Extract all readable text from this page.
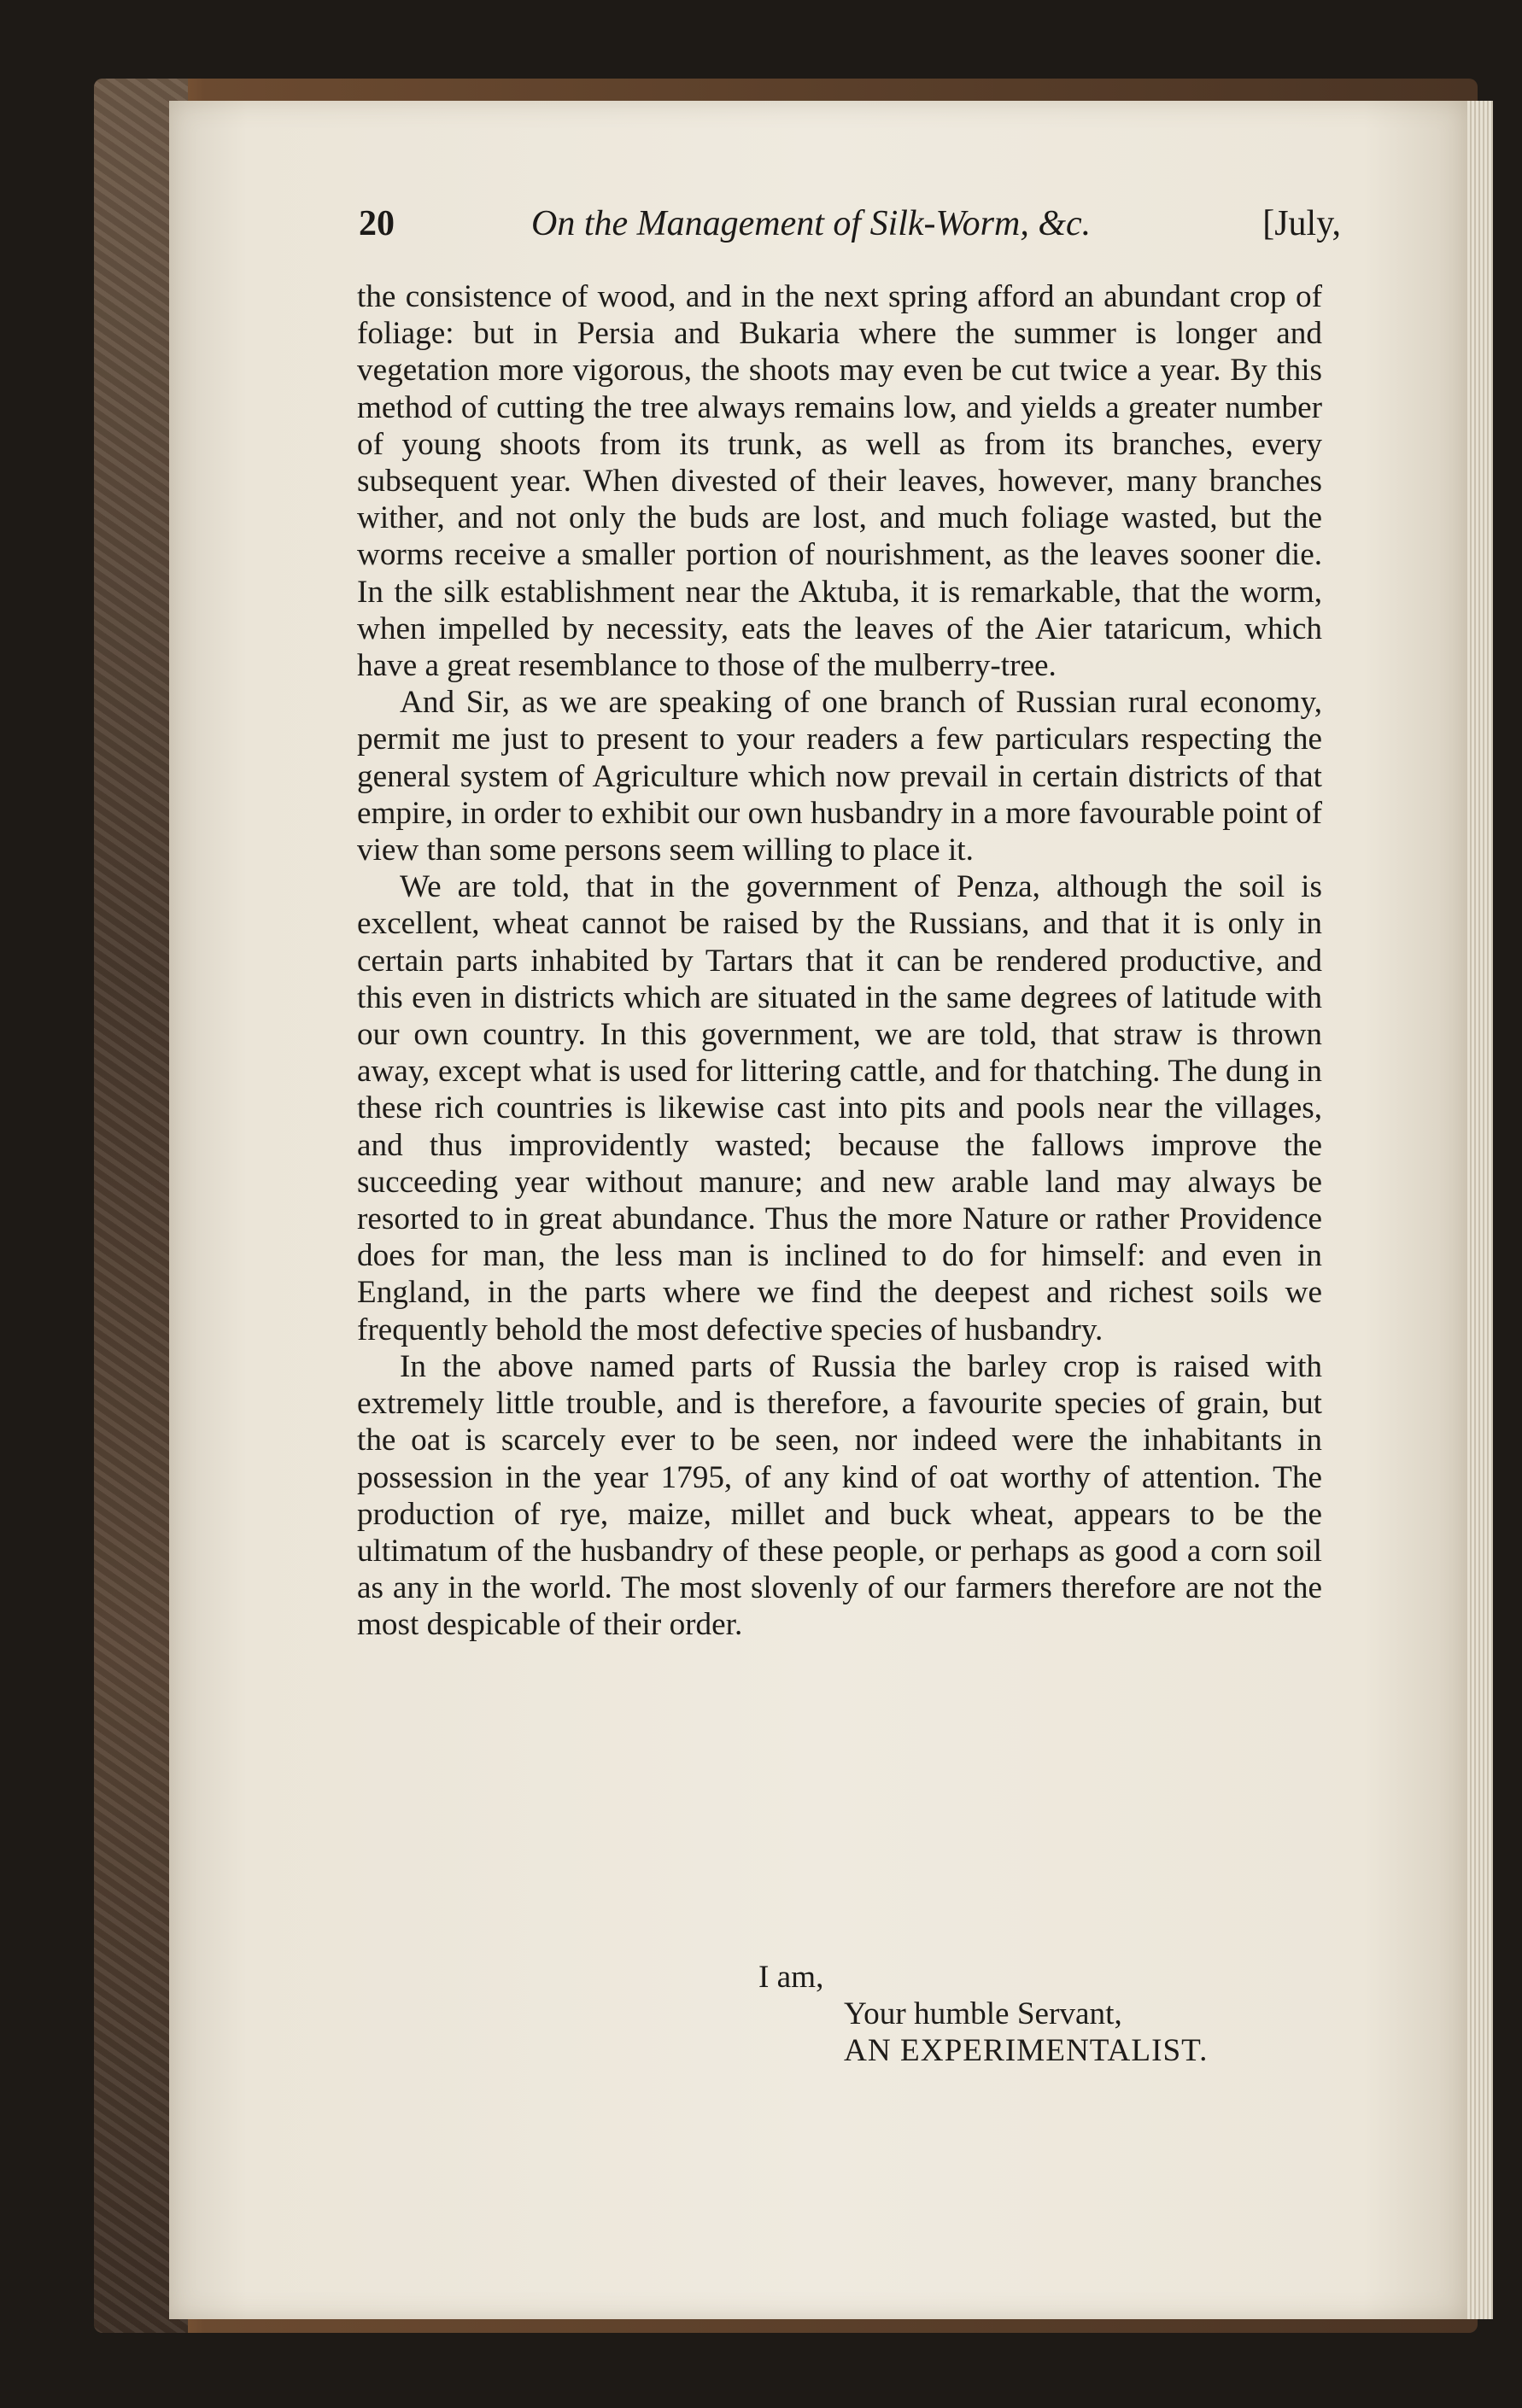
20	On the Management of Silk-Worm, &c.	[July,

the consistence of wood, and in the next spring afford an abundant crop of foliage: but in Persia and Bukaria where the summer is longer and vegetation more vigorous, the shoots may even be cut twice a year. By this method of cutting the tree always remains low, and yields a greater number of young shoots from its trunk, as well as from its branches, every subsequent year. When divested of their leaves, however, many branches wither, and not only the buds are lost, and much foliage wasted, but the worms receive a smaller portion of nourishment, as the leaves sooner die. In the silk establishment near the Aktuba, it is remarkable, that the worm, when impelled by necessity, eats the leaves of the Aier tataricum, which have a great resemblance to those of the mulberry-tree.

And Sir, as we are speaking of one branch of Russian rural economy, permit me just to present to your readers a few particulars respecting the general system of Agriculture which now prevail in certain districts of that empire, in order to exhibit our own husbandry in a more favourable point of view than some persons seem willing to place it.

We are told, that in the government of Penza, although the soil is excellent, wheat cannot be raised by the Russians, and that it is only in certain parts inhabited by Tartars that it can be rendered productive, and this even in districts which are situated in the same degrees of latitude with our own country. In this government, we are told, that straw is thrown away, except what is used for littering cattle, and for thatching. The dung in these rich countries is likewise cast into pits and pools near the villages, and thus improvidently wasted; because the fallows improve the succeeding year without manure; and new arable land may always be resorted to in great abundance. Thus the more Nature or rather Providence does for man, the less man is inclined to do for himself: and even in England, in the parts where we find the deepest and richest soils we frequently behold the most defective species of husbandry.

In the above named parts of Russia the barley crop is raised with extremely little trouble, and is therefore, a favourite species of grain, but the oat is scarcely ever to be seen, nor indeed were the inhabitants in possession in the year 1795, of any kind of oat worthy of attention. The production of rye, maize, millet and buck wheat, appears to be the ultimatum of the husbandry of these people, or perhaps as good a corn soil as any in the world. The most slovenly of our farmers therefore are not the most despicable of their order.

I am,
Your humble Servant,
AN EXPERIMENTALIST.
